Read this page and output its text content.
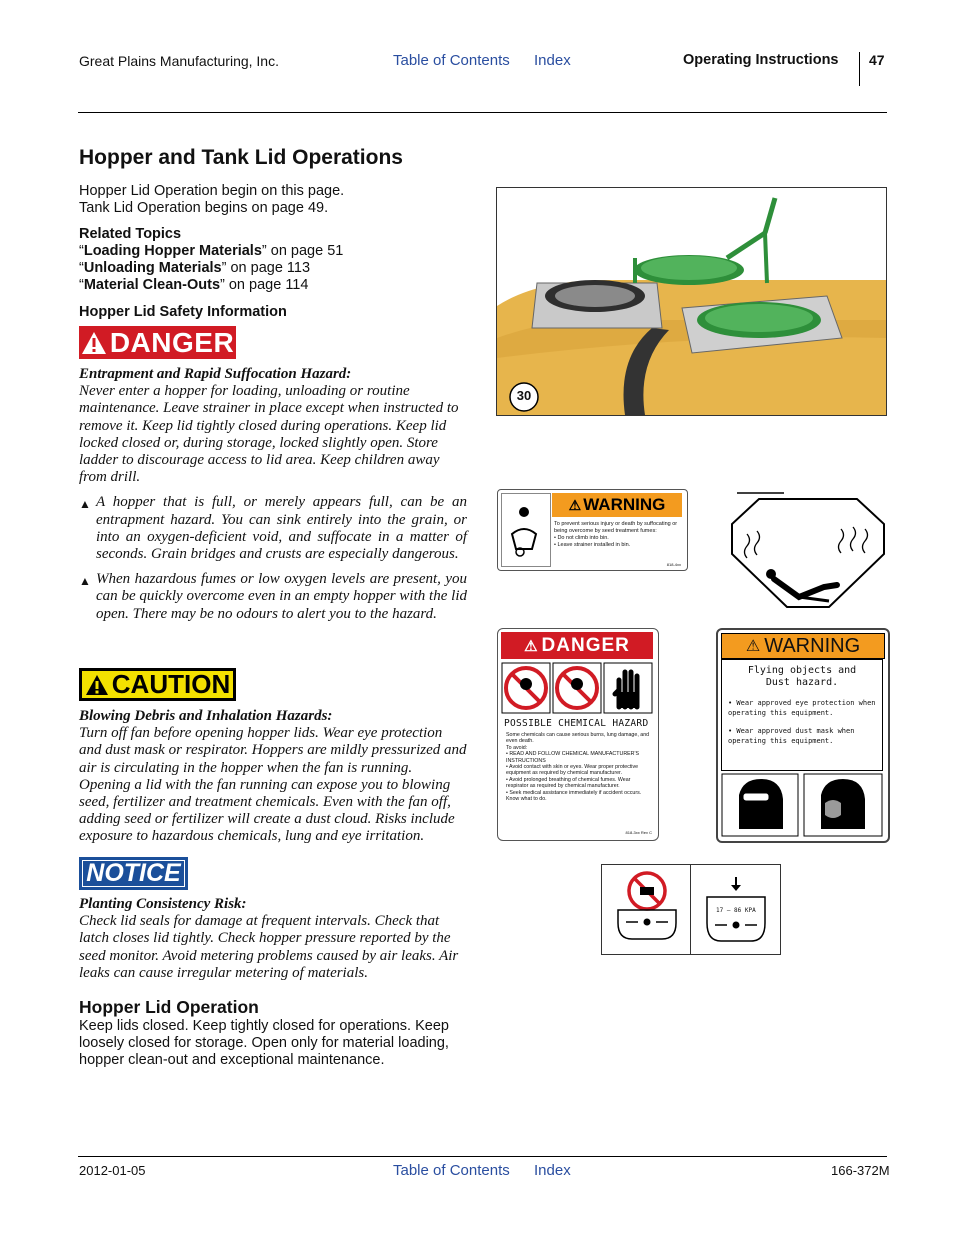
Great Plains Manufacturing, Inc.	Table of Contents Index	Operating Instructions 47
Hopper and Tank Lid Operations
Hopper Lid Operation begin on this page.
Tank Lid Operation begins on page 49.
Related Topics
“Loading Hopper Materials” on page 51
“Unloading Materials” on page 113
“Material Clean-Outs” on page 114
Hopper Lid Safety Information
DANGER
Entrapment and Rapid Suffocation Hazard:
Never enter a hopper for loading, unloading or routine maintenance. Leave strainer in place except when instructed to remove it. Keep lid tightly closed during operations. Keep lid locked closed or, during storage, locked slightly open. Store ladder to discourage access to lid area. Keep children away from drill.
▲ A hopper that is full, or merely appears full, can be an entrapment hazard. You can sink entirely into the grain, or into an oxygen-deficient void, and suffocate in a matter of seconds. Grain bridges and crusts are especially dangerous.
▲ When hazardous fumes or low oxygen levels are present, you can be quickly overcome even in an empty hopper with the lid open. There may be no odours to alert you to the hazard.
CAUTION
Blowing Debris and Inhalation Hazards:
Turn off fan before opening hopper lids. Wear eye protection and dust mask or respirator. Hoppers are mildly pressurized and air is circulating in the hopper when the fan is running. Opening a lid with the fan running can expose you to blowing seed, fertilizer and treatment chemicals. Even with the fan off, adding seed or fertilizer will create a dust cloud. Risks include exposure to hazardous chemicals, lung and eye irritation.
NOTICE
Planting Consistency Risk:
Check lid seals for damage at frequent intervals. Check that latch closes lid tightly. Check hopper pressure reported by the seed monitor. Avoid metering problems caused by air leaks. Air leaks can cause irregular metering of materials.
Hopper Lid Operation
Keep lids closed. Keep tightly closed for operations. Keep loosely closed for storage. Open only for material loading, hopper clean-out and exceptional maintenance.
30
⚠ WARNING
To prevent serious injury or death by suffocating or being overcome by seed treatment fumes:
• Do not climb into bin.
• Leave strainer installed in bin.
818-4xx
⚠ DANGER
POSSIBLE CHEMICAL HAZARD
Some chemicals can cause serious burns, lung damage, and even death.
To avoid:
• READ AND FOLLOW CHEMICAL MANUFACTURER'S INSTRUCTIONS
• Avoid contact with skin or eyes. Wear proper protective equipment as required by chemical manufacturer.
• Avoid prolonged breathing of chemical fumes. Wear respirator as required by chemical manufacturer.
• Seek medical assistance immediately if accident occurs. Know what to do.
818-3xx Rev C
⚠ WARNING
Flying objects and
Dust hazard.
• Wear approved eye protection when operating this equipment.
• Wear approved dust mask when operating this equipment.
848-xxxC
17 – 86 KPA
2012-01-05	Table of Contents Index	166-372M
